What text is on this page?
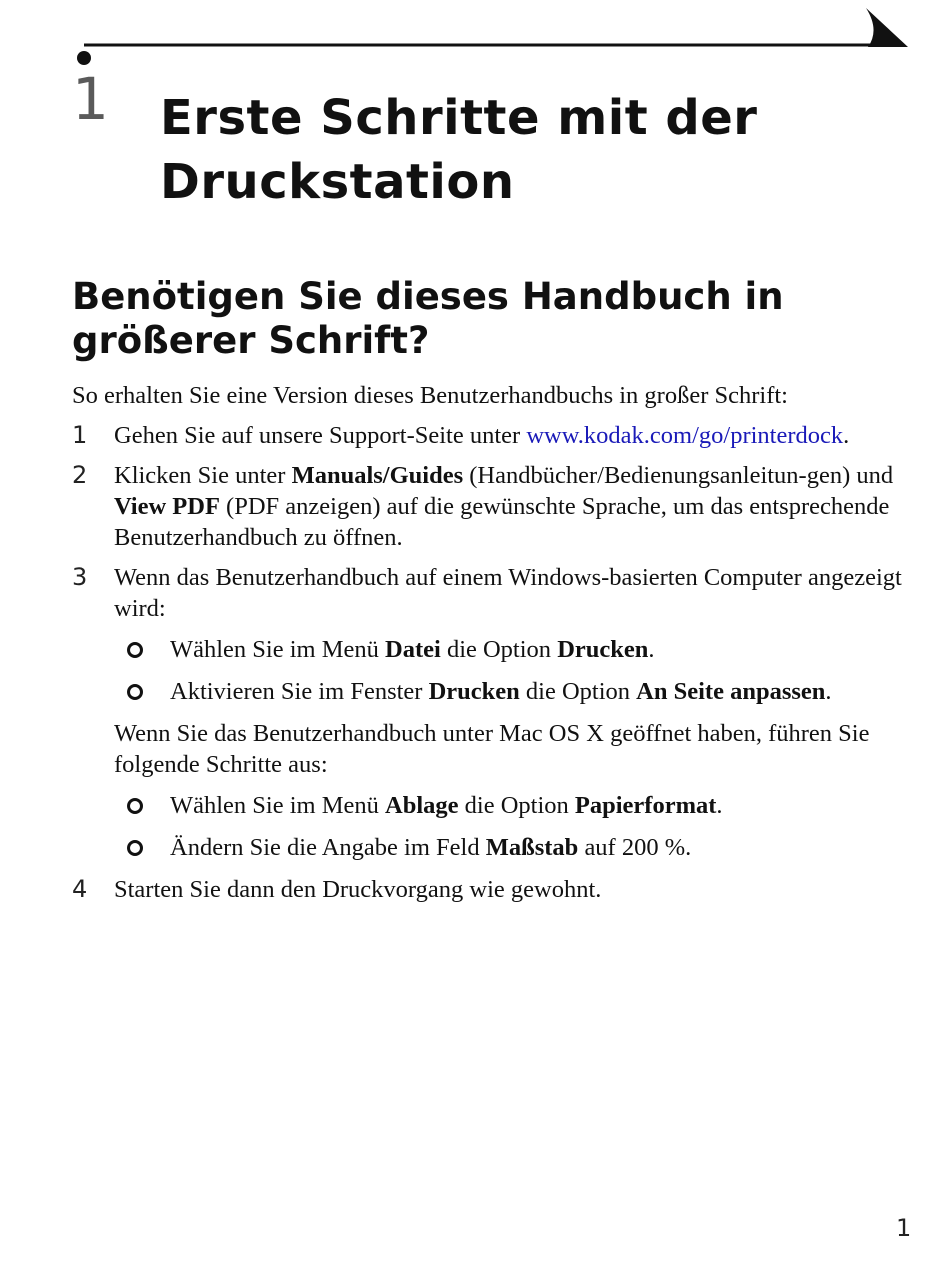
1 Erste Schritte mit der Druckstation
Benötigen Sie dieses Handbuch in größerer Schrift?

So erhalten Sie eine Version dieses Benutzerhandbuchs in großer Schrift:

1 Gehen Sie auf unsere Support-Seite unter www.kodak.com/go/printerdock.
2 Klicken Sie unter Manuals/Guides (Handbücher/Bedienungsanleitun-gen) und View PDF (PDF anzeigen) auf die gewünschte Sprache, um das entsprechende Benutzerhandbuch zu öffnen.
3 Wenn das Benutzerhandbuch auf einem Windows-basierten Computer angezeigt wird:
Wählen Sie im Menü Datei die Option Drucken.
Aktivieren Sie im Fenster Drucken die Option An Seite anpassen.

Wenn Sie das Benutzerhandbuch unter Mac OS X geöffnet haben, führen Sie folgende Schritte aus:

Wählen Sie im Menü Ablage die Option Papierformat.
Ändern Sie die Angabe im Feld Maßstab auf 200 %.
4 Starten Sie dann den Druckvorgang wie gewohnt.
1
